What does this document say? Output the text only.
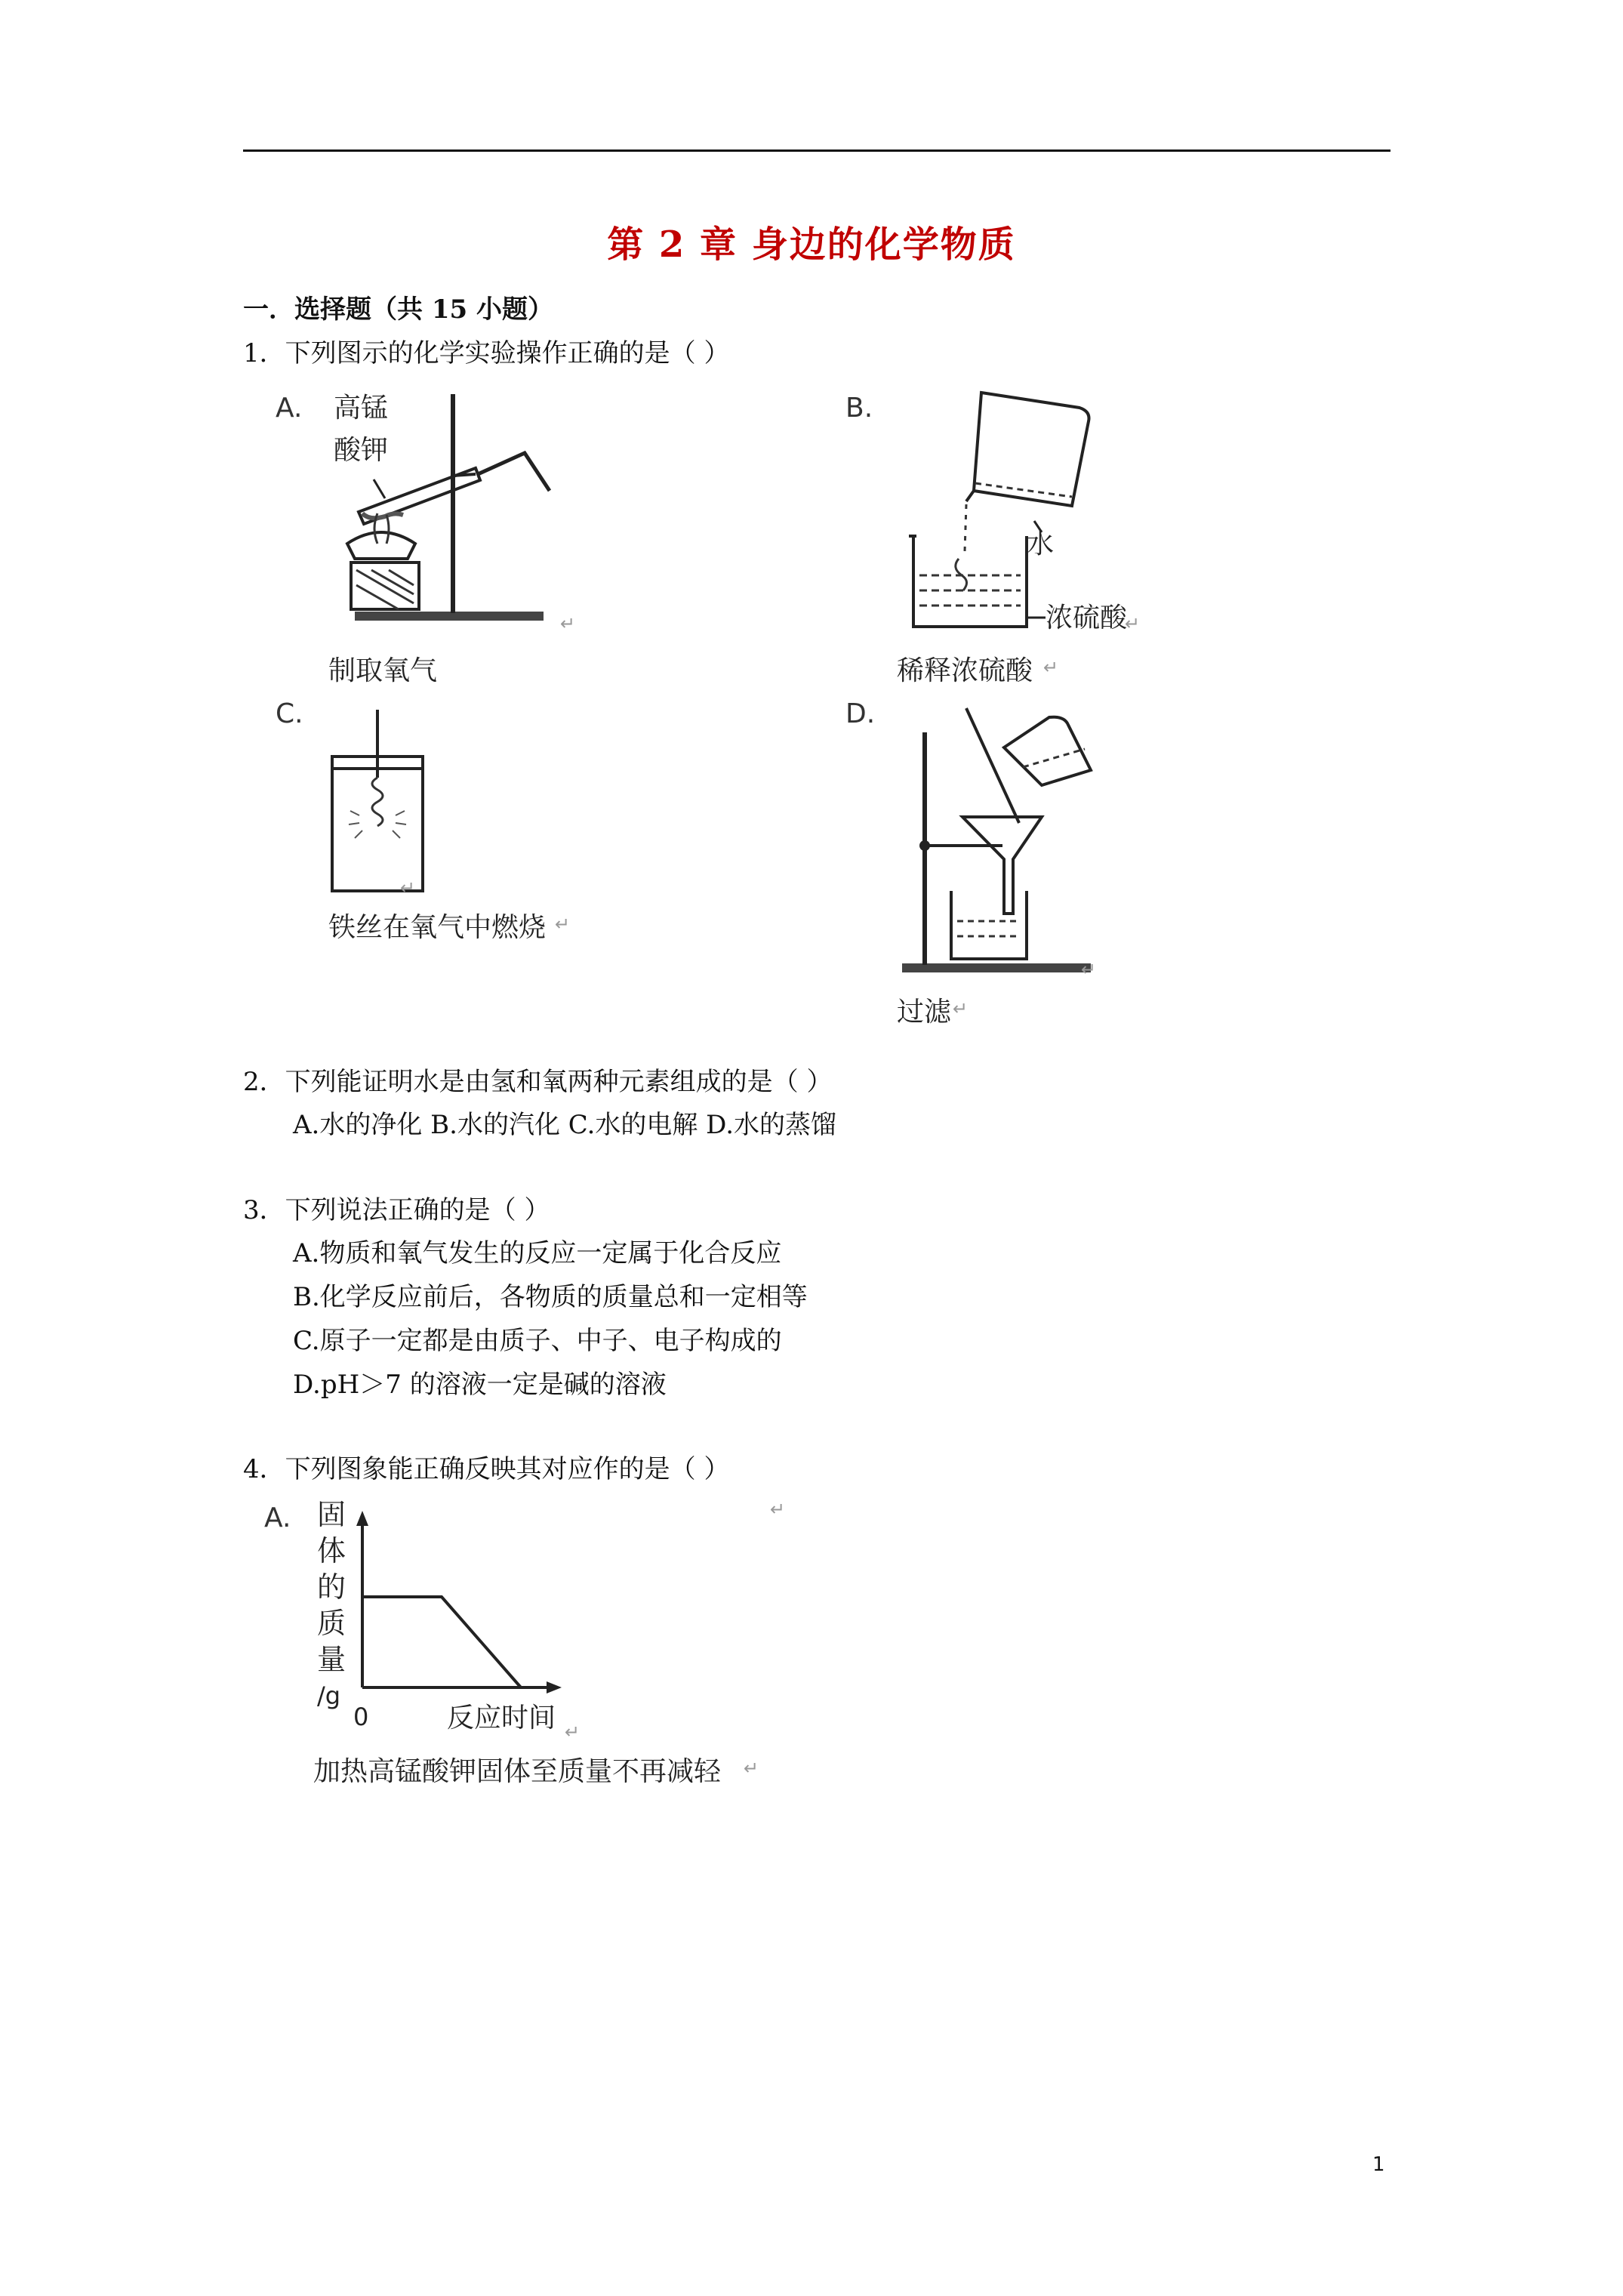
第 2 章 身边的化学物质
一．选择题（共 15 小题）
1．下列图示的化学实验操作正确的是（ ）
A. 高锰
酸钾
↵
制取氧气
B.
水
浓硫酸
↵
稀释浓硫酸 ↵
C.
↵
铁丝在氧气中燃烧 ↵
D.
↵
过滤 ↵
2．下列能证明水是由氢和氧两种元素组成的是（ ）
A.水的净化 B.水的汽化 C.水的电解 D.水的蒸馏
3．下列说法正确的是（ ）
A.物质和氧气发生的反应一定属于化合反应
B.化学反应前后，各物质的质量总和一定相等
C.原子一定都是由质子、中子、电子构成的
D.pH＞7 的溶液一定是碱的溶液
4．下列图象能正确反映其对应作的是（ ）
A.	↵
固
体
的
质
量
/g
0	反应时间 ↵
加热高锰酸钾固体至质量不再减轻 ↵
1
